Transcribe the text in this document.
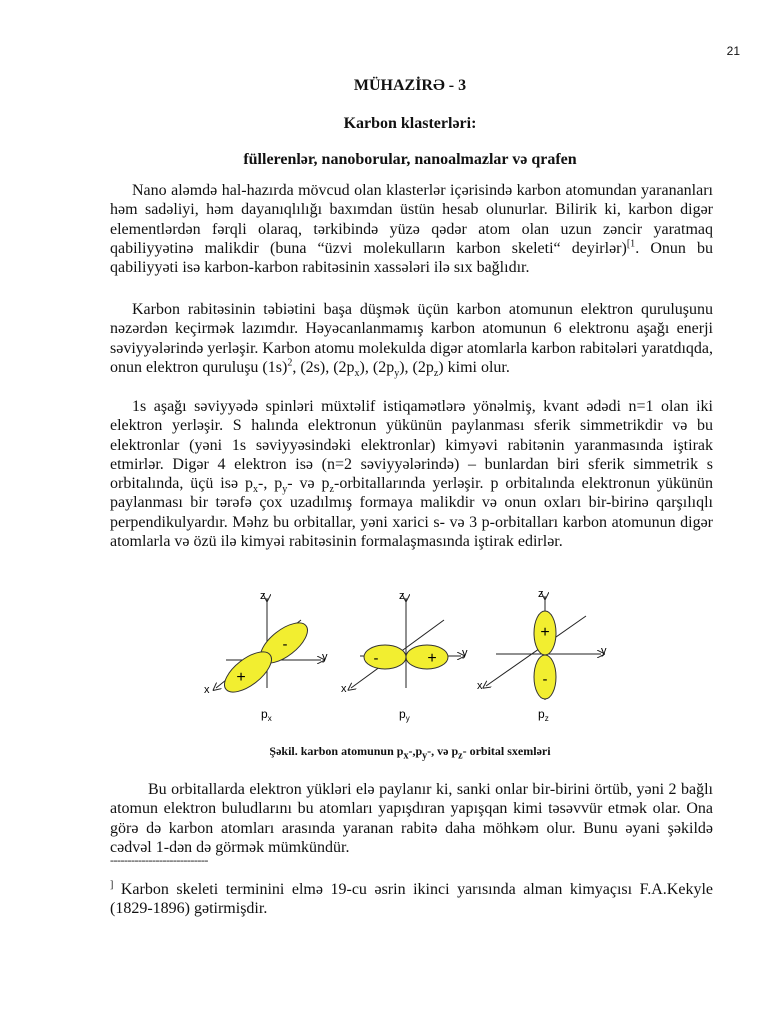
21
MÜHAZİRƏ - 3
Karbon klasterləri:
füllerenlər, nanoborular, nanoalmazlar və qrafen

Nano aləmdə hal-hazırda mövcud olan klasterlər içərisində karbon atomundan yarananları həm sadəliyi, həm dayanıqlılığı baxımdan üstün hesab olunurlar. Bilirik ki, karbon digər elementlərdən fərqli olaraq, tərkibində yüzə qədər atom olan uzun zəncir yaratmaq qabiliyyətinə malikdir (buna “üzvi molekulların karbon skeleti“ deyirlər)$^{[1}$. Onun bu qabiliyyəti isə karbon-karbon rabitəsinin xassələri ilə sıx bağlıdır.

Karbon rabitəsinin təbiətini başa düşmək üçün karbon atomunun elektron quruluşunu nəzərdən keçirmək lazımdır. Həyəcanlanmamış karbon atomunun 6 elektronu aşağı enerji səviyyələrində yerləşir. Karbon atomu molekulda digər atomlarla karbon rabitələri yaratdıqda, onun elektron quruluşu $(1s)^2$, (2s), $(2p_x)$, $(2p_y)$, $(2p_z)$ kimi olur.

1s aşağı səviyyədə spinləri müxtəlif istiqamətlərə yönəlmiş, kvant ədədi n=1 olan iki elektron yerləşir. S halında elektronun yükünün paylanması sferik simmetrikdir və bu elektronlar (yəni 1s səviyyəsindəki elektronlar) kimyəvi rabitənin yaranmasında iştirak etmirlər. Digər 4 elektron isə (n=2 səviyyələrində) – bunlardan biri sferik simmetrik s orbitalında, üçü isə $p_x-$, $p_y-$ və $p_z$-orbitallarında yerləşir. p orbitalında elektronun yükünün paylanması bir tərəfə çox uzadılmış formaya malikdir və onun oxları bir-birinə qarşılıqlı perpendikulyardır. Məhz bu orbitallar, yəni xarici s- və 3 p-orbitalları karbon atomunun digər atomlarla və özü ilə kimyəi rabitəsinin formalaşmasında iştirak edirlər.

z
y
x
-
+
$p_x$
z
y
x
-	+
$p_y$
z
y
x
+
-
$p_z$
Şəkil. karbon atomunun $p_x-,p_y-$, və $p_z-$ orbital sxemləri

Bu orbitallarda elektron yükləri elə paylanır ki, sanki onlar bir-birini örtüb, yəni 2 bağlı atomun elektron buludlarını bu atomları yapışdıran yapışqan kimi təsəvvür etmək olar. Ona görə də karbon atomları arasında yaranan rabitə daha möhkəm olur. Bunu əyani şəkildə cədvəl 1-dən də görmək mümkündür.

----------------------------
] Karbon skeleti terminini elmə 19-cu əsrin ikinci yarısında alman kimyaçısı F.A.Kekyle (1829-1896) gətirmişdir.
